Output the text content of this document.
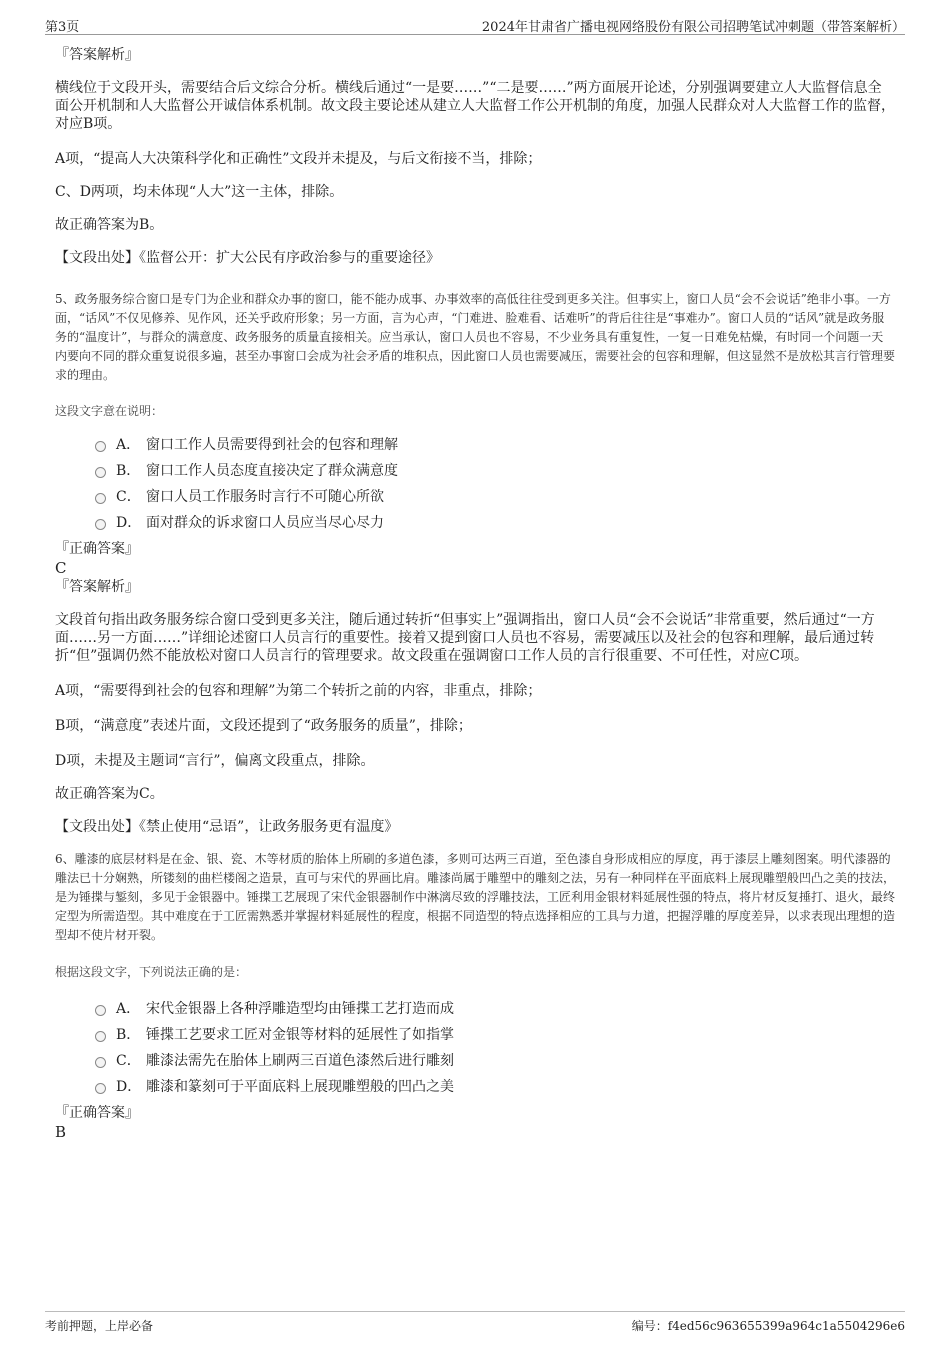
第3页	2024年甘肃省广播电视网络股份有限公司招聘笔试冲刺题（带答案解析）

『答案解析』

横线位于文段开头，需要结合后文综合分析。横线后通过“一是要……”“二是要……”两方面展开论述，分别强调要建立人大监督信息全面公开机制和人大监督公开诚信体系机制。故文段主要论述从建立人大监督工作公开机制的角度，加强人民群众对人大监督工作的监督，对应B项。

A项，“提高人大决策科学化和正确性”文段并未提及，与后文衔接不当，排除；

C、D两项，均未体现“人大”这一主体，排除。

故正确答案为B。

【文段出处】《监督公开：扩大公民有序政治参与的重要途径》

5、政务服务综合窗口是专门为企业和群众办事的窗口，能不能办成事、办事效率的高低往往受到更多关注。但事实上，窗口人员“会不会说话”绝非小事。一方面，“话风”不仅见修养、见作风，还关乎政府形象；另一方面，言为心声，“门难进、脸难看、话难听”的背后往往是“事难办”。窗口人员的“话风”就是政务服务的“温度计”，与群众的满意度、政务服务的质量直接相关。应当承认，窗口人员也不容易，不少业务具有重复性，一复一日难免枯燥，有时同一个问题一天内要向不同的群众重复说很多遍，甚至办事窗口会成为社会矛盾的堆积点，因此窗口人员也需要减压，需要社会的包容和理解，但这显然不是放松其言行管理要求的理由。

这段文字意在说明：

A． 窗口工作人员需要得到社会的包容和理解
B． 窗口工作人员态度直接决定了群众满意度
C． 窗口人员工作服务时言行不可随心所欲
D． 面对群众的诉求窗口人员应当尽心尽力

『正确答案』

C

『答案解析』

文段首句指出政务服务综合窗口受到更多关注，随后通过转折“但事实上”强调指出，窗口人员“会不会说话”非常重要，然后通过“一方面……另一方面……”详细论述窗口人员言行的重要性。接着又提到窗口人员也不容易，需要减压以及社会的包容和理解，最后通过转折“但”强调仍然不能放松对窗口人员言行的管理要求。故文段重在强调窗口工作人员的言行很重要、不可任性，对应C项。

A项，“需要得到社会的包容和理解”为第二个转折之前的内容，非重点，排除；

B项，“满意度”表述片面，文段还提到了“政务服务的质量”，排除；

D项，未提及主题词“言行”，偏离文段重点，排除。

故正确答案为C。

【文段出处】《禁止使用“忌语”，让政务服务更有温度》

6、雕漆的底层材料是在金、银、瓷、木等材质的胎体上所刷的多道色漆，多则可达两三百道，至色漆自身形成相应的厚度，再于漆层上雕刻图案。明代漆器的雕法已十分娴熟，所镂刻的曲栏楼阁之造景，直可与宋代的界画比肩。雕漆尚属于雕塑中的雕刻之法，另有一种同样在平面底料上展现雕塑般凹凸之美的技法，是为锤揲与錾刻，多见于金银器中。锤揲工艺展现了宋代金银器制作中淋漓尽致的浮雕技法，工匠利用金银材料延展性强的特点，将片材反复捶打、退火，最终定型为所需造型。其中难度在于工匠需熟悉并掌握材料延展性的程度，根据不同造型的特点选择相应的工具与力道，把握浮雕的厚度差异，以求表现出理想的造型却不使片材开裂。

根据这段文字，下列说法正确的是：

A． 宋代金银器上各种浮雕造型均由锤揲工艺打造而成
B． 锤揲工艺要求工匠对金银等材料的延展性了如指掌
C． 雕漆法需先在胎体上刷两三百道色漆然后进行雕刻
D． 雕漆和篆刻可于平面底料上展现雕塑般的凹凸之美

『正确答案』

B

考前押题，上岸必备	编号：f4ed56c963655399a964c1a5504296e6
